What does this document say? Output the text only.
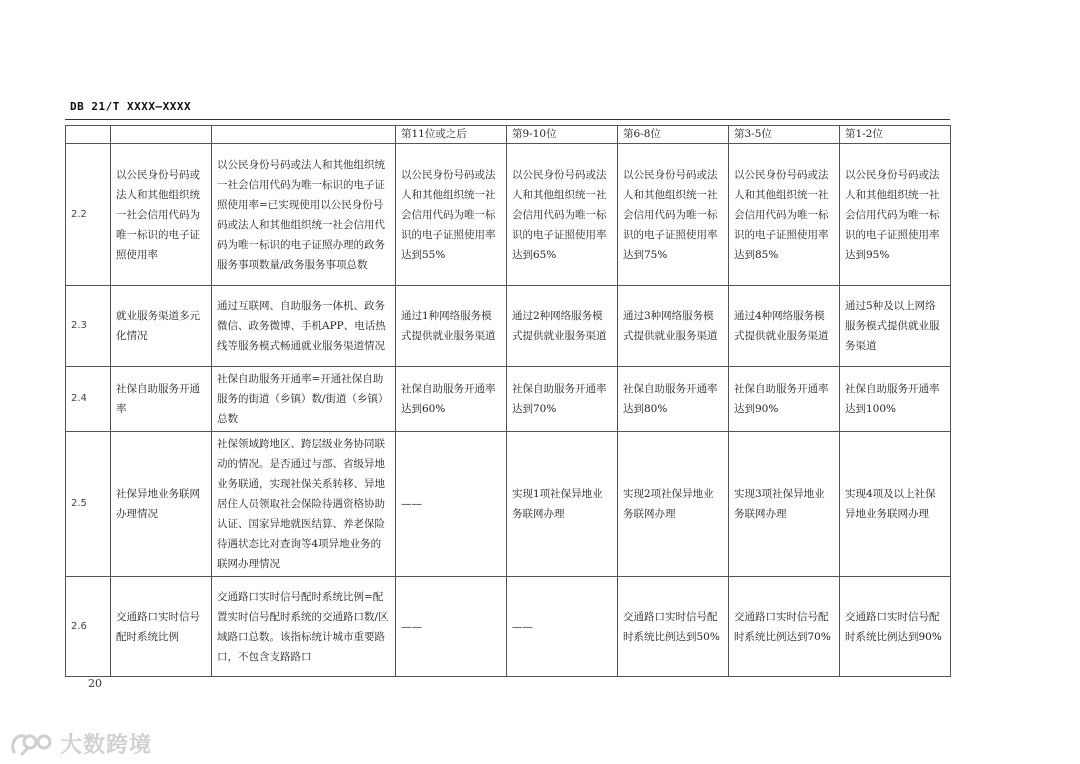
DB 21/T XXXX—XXXX
			第11位或之后	第9-10位	第6-8位	第3-5位	第1-2位
2.2	以公民身份号码或法人和其他组织统一社会信用代码为唯一标识的电子证照使用率	以公民身份号码或法人和其他组织统一社会信用代码为唯一标识的电子证照使用率=已实现使用以公民身份号码或法人和其他组织统一社会信用代码为唯一标识的电子证照办理的政务服务事项数量/政务服务事项总数	以公民身份号码或法人和其他组织统一社会信用代码为唯一标识的电子证照使用率达到55%	以公民身份号码或法人和其他组织统一社会信用代码为唯一标识的电子证照使用率达到65%	以公民身份号码或法人和其他组织统一社会信用代码为唯一标识的电子证照使用率达到75%	以公民身份号码或法人和其他组织统一社会信用代码为唯一标识的电子证照使用率达到85%	以公民身份号码或法人和其他组织统一社会信用代码为唯一标识的电子证照使用率达到95%
2.3	就业服务渠道多元化情况	通过互联网、自助服务一体机、政务微信、政务微博、手机APP、电话热线等服务模式畅通就业服务渠道情况	通过1种网络服务模式提供就业服务渠道	通过2种网络服务模式提供就业服务渠道	通过3种网络服务模式提供就业服务渠道	通过4种网络服务模式提供就业服务渠道	通过5种及以上网络服务模式提供就业服务渠道
2.4	社保自助服务开通率	社保自助服务开通率=开通社保自助服务的街道（乡镇）数/街道（乡镇）总数	社保自助服务开通率达到60%	社保自助服务开通率达到70%	社保自助服务开通率达到80%	社保自助服务开通率达到90%	社保自助服务开通率达到100%
2.5	社保异地业务联网办理情况	社保领域跨地区、跨层级业务协同联动的情况。是否通过与部、省级异地业务联通，实现社保关系转移、异地居住人员领取社会保险待遇资格协助认证、国家异地就医结算、养老保险待遇状态比对查询等4项异地业务的联网办理情况	——	实现1项社保异地业务联网办理	实现2项社保异地业务联网办理	实现3项社保异地业务联网办理	实现4项及以上社保异地业务联网办理
2.6	交通路口实时信号配时系统比例	交通路口实时信号配时系统比例=配置实时信号配时系统的交通路口数/区域路口总数。该指标统计城市重要路口，不包含支路路口	——	——	交通路口实时信号配时系统比例达到50%	交通路口实时信号配时系统比例达到70%	交通路口实时信号配时系统比例达到90%
20
大数跨境
